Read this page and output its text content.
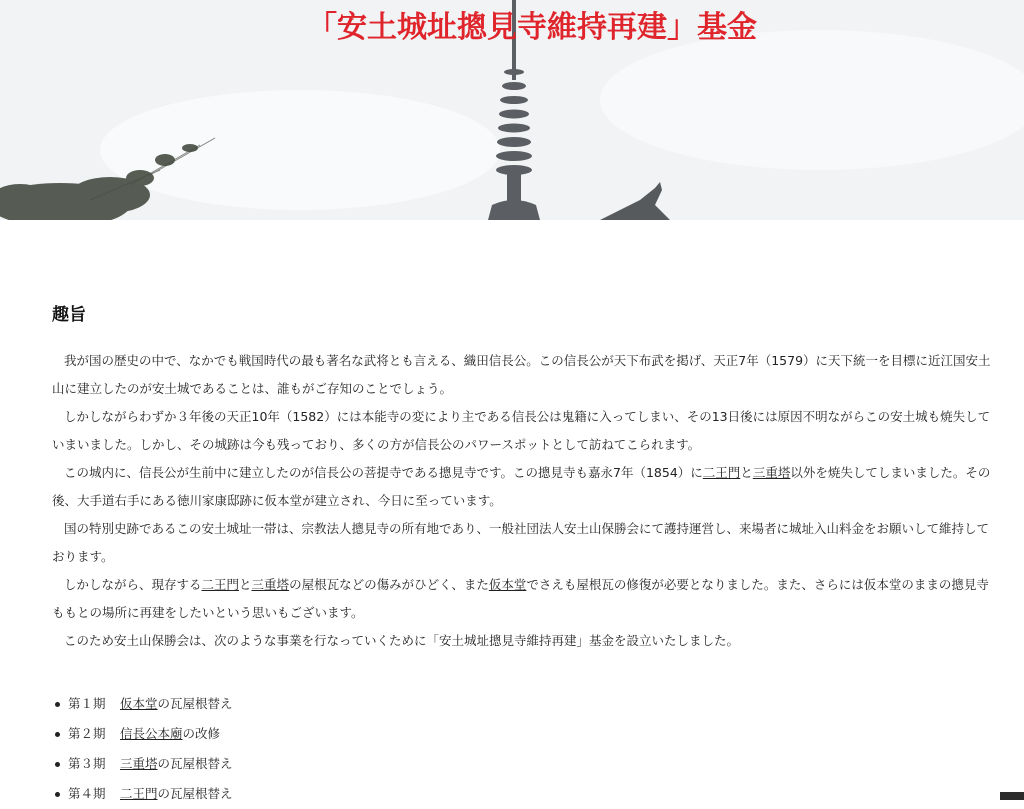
「安土城址摠見寺維持再建」基金
趣旨

我が国の歴史の中で、なかでも戦国時代の最も著名な武将とも言える、織田信長公。この信長公が天下布武を掲げ、天正7年（1579）に天下統一を目標に近江国安土山に建立したのが安土城であることは、誰もがご存知のことでしょう。

しかしながらわずか３年後の天正10年（1582）には本能寺の変により主である信長公は鬼籍に入ってしまい、その13日後には原因不明ながらこの安土城も焼失していまいました。しかし、その城跡は今も残っており、多くの方が信長公のパワースポットとして訪ねてこられます。

この城内に、信長公が生前中に建立したのが信長公の菩提寺である摠見寺です。この摠見寺も嘉永7年（1854）に二王門と三重塔以外を焼失してしまいました。その後、大手道右手にある徳川家康邸跡に仮本堂が建立され、今日に至っています。

国の特別史跡であるこの安土城址一帯は、宗教法人摠見寺の所有地であり、一般社団法人安土山保勝会にて護持運営し、来場者に城址入山料金をお願いして維持しております。

しかしながら、現存する二王門と三重塔の屋根瓦などの傷みがひどく、また仮本堂でさえも屋根瓦の修復が必要となりました。また、さらには仮本堂のままの摠見寺ももとの場所に再建をしたいという思いもございます。

このため安土山保勝会は、次のような事業を行なっていくために「安土城址摠見寺維持再建」基金を設立いたしました。

第１期 仮本堂の瓦屋根替え
第２期 信長公本廟の改修
第３期 三重塔の瓦屋根替え
第４期 二王門の瓦屋根替え
